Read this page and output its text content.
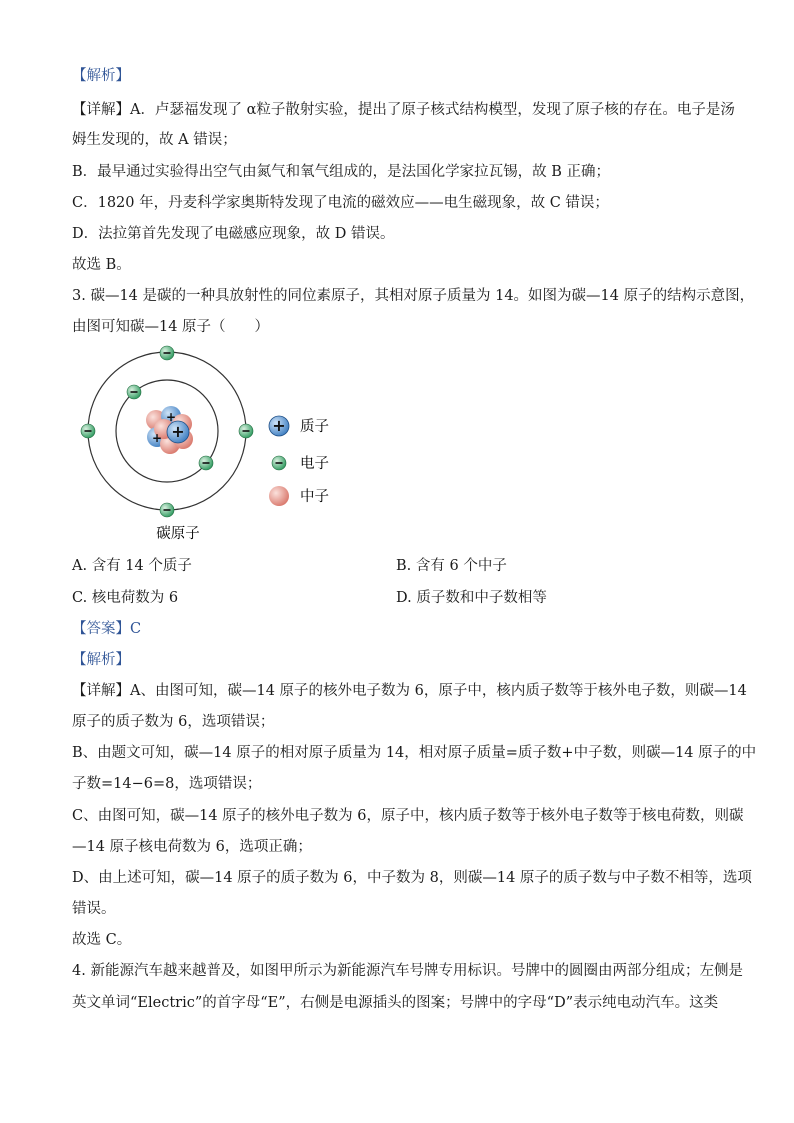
【解析】
【详解】A．卢瑟福发现了 α粒子散射实验，提出了原子核式结构模型，发现了原子核的存在。电子是汤
姆生发现的，故 A 错误；
B．最早通过实验得出空气由氮气和氧气组成的，是法国化学家拉瓦锡，故 B 正确；
C．1820 年，丹麦科学家奥斯特发现了电流的磁效应——电生磁现象，故 C 错误；
D．法拉第首先发现了电磁感应现象，故 D 错误。
故选 B。
3. 碳—14 是碳的一种具放射性的同位素原子，其相对原子质量为 14。如图为碳—14 原子的结构示意图，
由图可知碳—14 原子（　　）
+
+
+
+ 质子
电子
中子
碳原子
A. 含有 14 个质子	B. 含有 6 个中子
C. 核电荷数为 6	D. 质子数和中子数相等
【答案】C
【解析】
【详解】A、由图可知，碳—14 原子的核外电子数为 6，原子中，核内质子数等于核外电子数，则碳—14
原子的质子数为 6，选项错误；
B、由题文可知，碳—14 原子的相对原子质量为 14，相对原子质量=质子数+中子数，则碳—14 原子的中
子数=14−6=8，选项错误；
C、由图可知，碳—14 原子的核外电子数为 6，原子中，核内质子数等于核外电子数等于核电荷数，则碳
—14 原子核电荷数为 6，选项正确；
D、由上述可知，碳—14 原子的质子数为 6，中子数为 8，则碳—14 原子的质子数与中子数不相等，选项
错误。
故选 C。
4. 新能源汽车越来越普及，如图甲所示为新能源汽车号牌专用标识。号牌中的圆圈由两部分组成；左侧是
英文单词“Electric”的首字母“E”，右侧是电源插头的图案；号牌中的字母“D”表示纯电动汽车。这类
